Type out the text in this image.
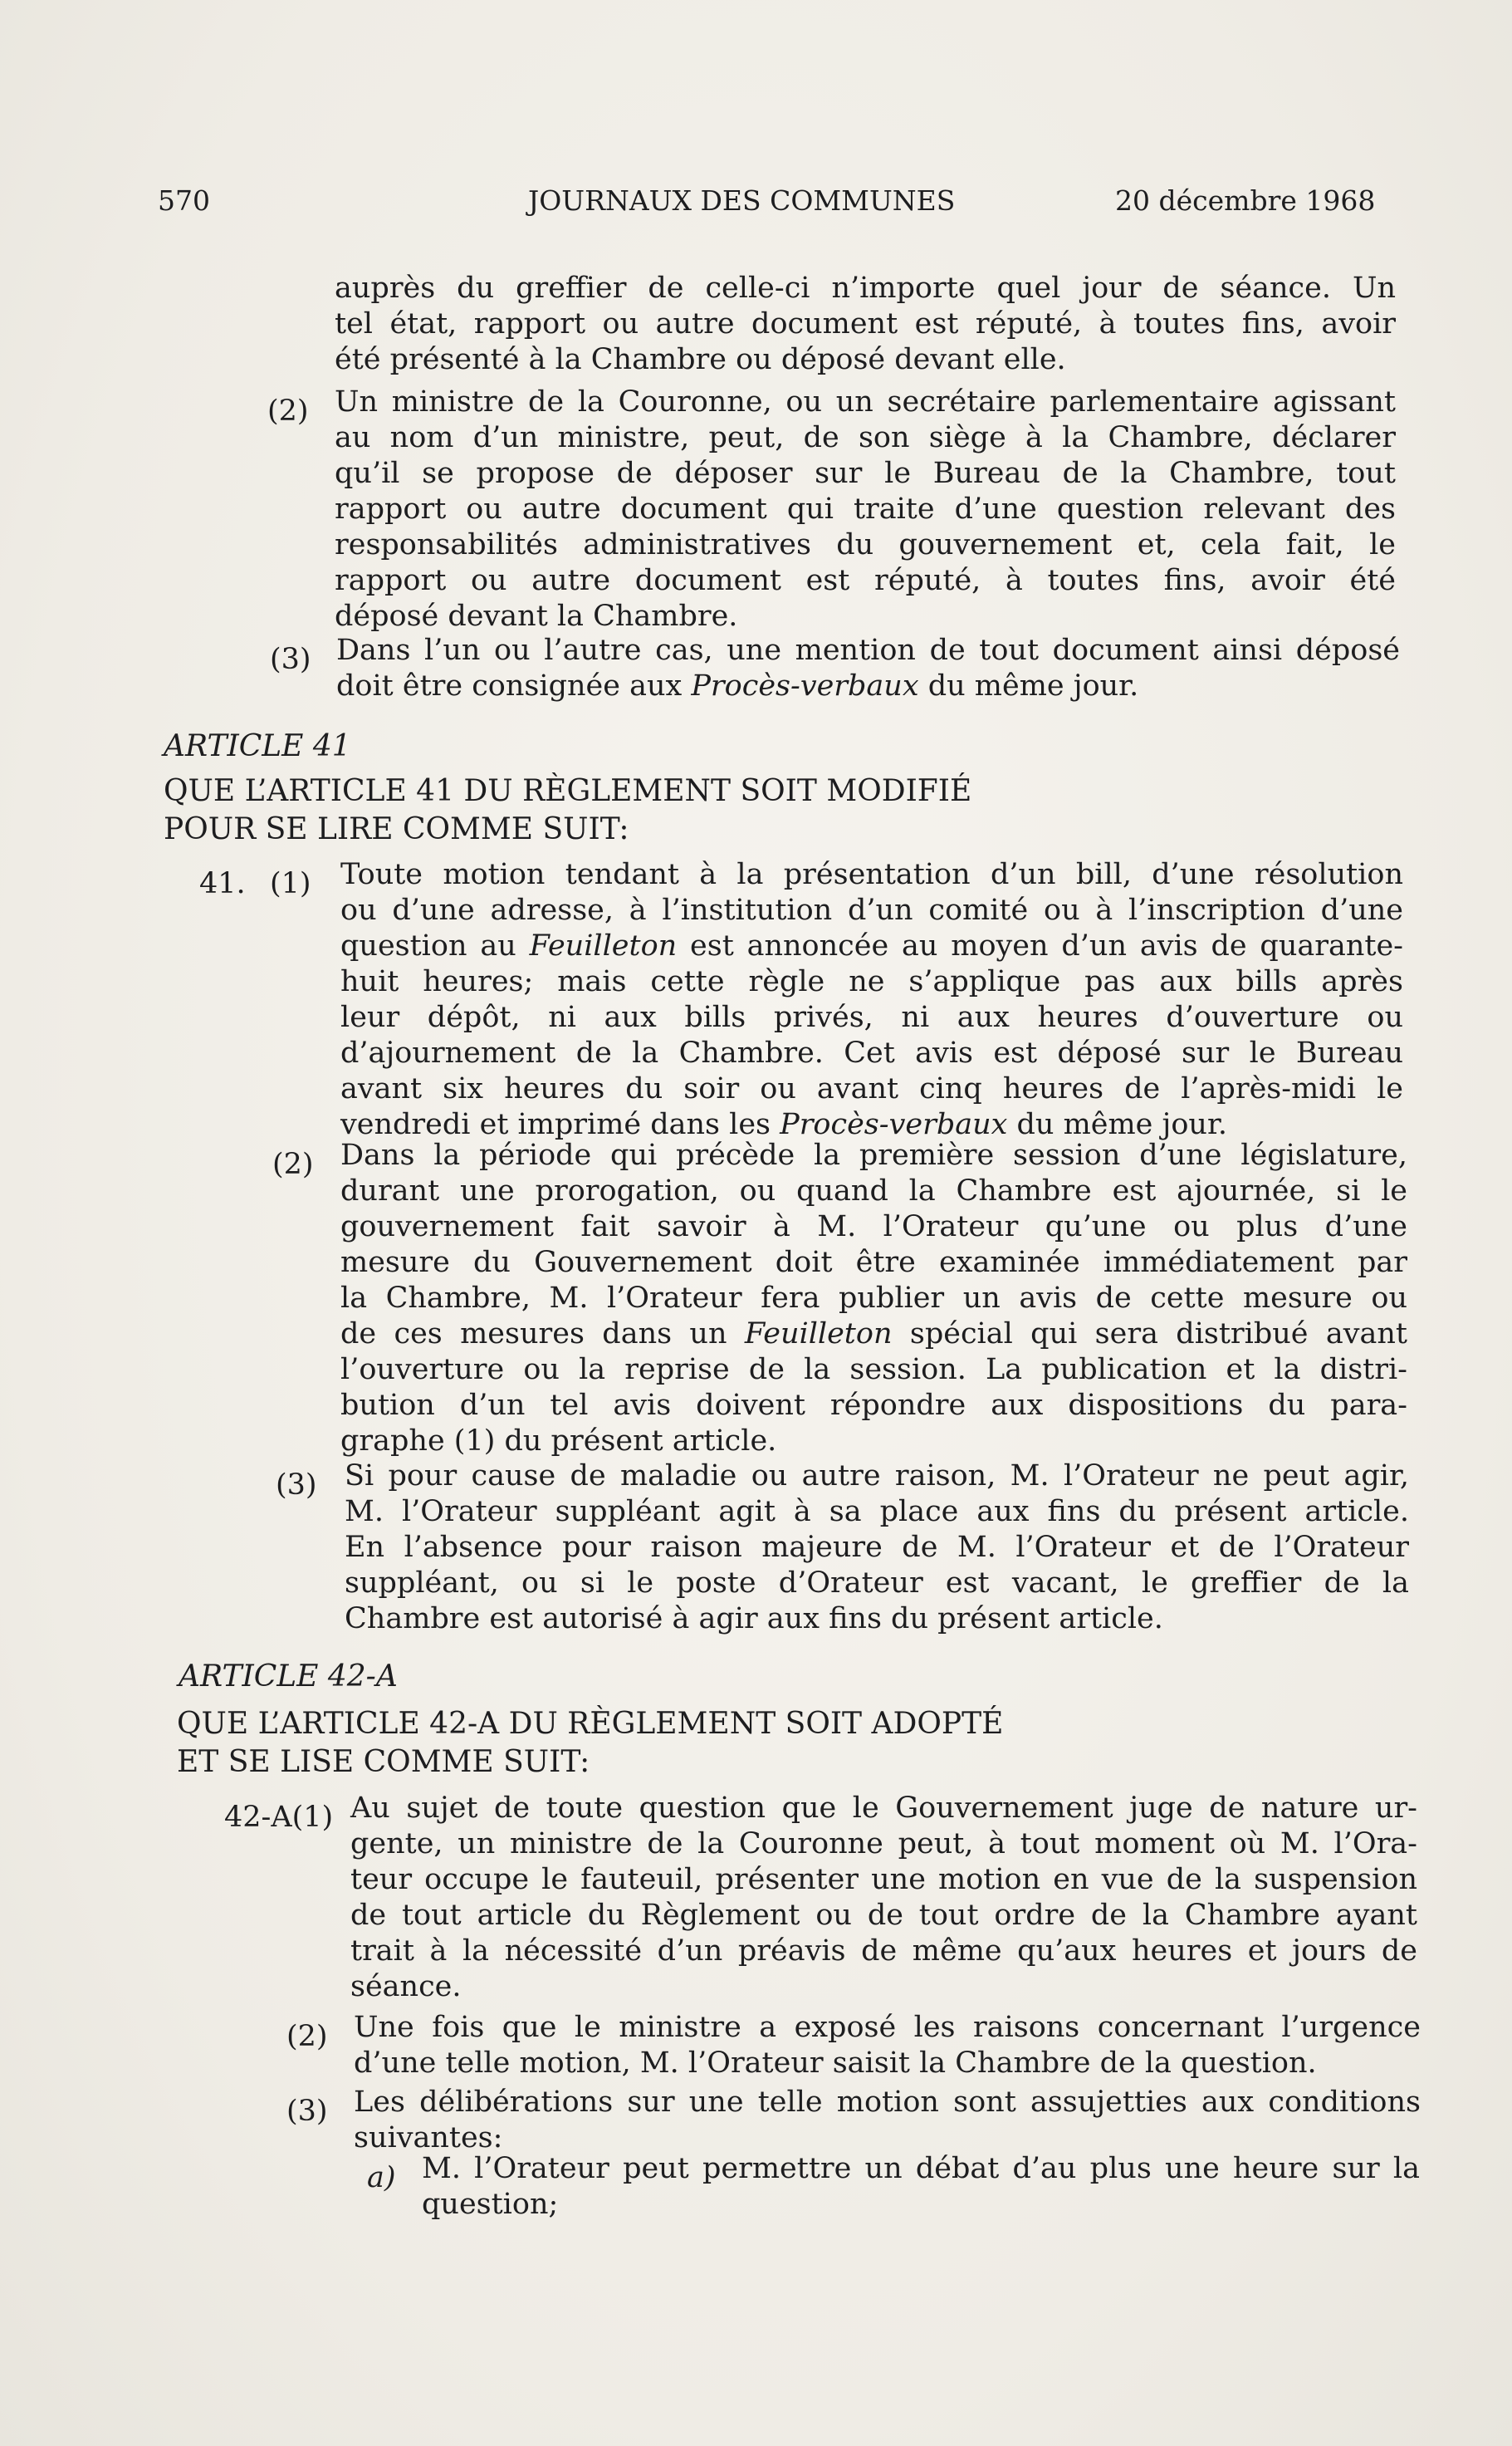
570	JOURNAUX DES COMMUNES	20 décembre 1968
auprès du greffier de celle-ci n’importe quel jour de séance. Un
tel état, rapport ou autre document est réputé, à toutes fins, avoir
été présenté à la Chambre ou déposé devant elle.
(2) Un ministre de la Couronne, ou un secrétaire parlementaire agissant
au nom d’un ministre, peut, de son siège à la Chambre, déclarer
qu’il se propose de déposer sur le Bureau de la Chambre, tout
rapport ou autre document qui traite d’une question relevant des
responsabilités administratives du gouvernement et, cela fait, le
rapport ou autre document est réputé, à toutes fins, avoir été
déposé devant la Chambre.
(3) Dans l’un ou l’autre cas, une mention de tout document ainsi déposé
doit être consignée aux Procès-verbaux du même jour.
ARTICLE 41
QUE L’ARTICLE 41 DU RÈGLEMENT SOIT MODIFIÉ
POUR SE LIRE COMME SUIT:
41. (1) Toute motion tendant à la présentation d’un bill, d’une résolution
ou d’une adresse, à l’institution d’un comité ou à l’inscription d’une
question au Feuilleton est annoncée au moyen d’un avis de quarante-
huit heures; mais cette règle ne s’applique pas aux bills après
leur dépôt, ni aux bills privés, ni aux heures d’ouverture ou
d’ajournement de la Chambre. Cet avis est déposé sur le Bureau
avant six heures du soir ou avant cinq heures de l’après-midi le
vendredi et imprimé dans les Procès-verbaux du même jour.
(2) Dans la période qui précède la première session d’une législature,
durant une prorogation, ou quand la Chambre est ajournée, si le
gouvernement fait savoir à M. l’Orateur qu’une ou plus d’une
mesure du Gouvernement doit être examinée immédiatement par
la Chambre, M. l’Orateur fera publier un avis de cette mesure ou
de ces mesures dans un Feuilleton spécial qui sera distribué avant
l’ouverture ou la reprise de la session. La publication et la distri-
bution d’un tel avis doivent répondre aux dispositions du para-
graphe (1) du présent article.
(3) Si pour cause de maladie ou autre raison, M. l’Orateur ne peut agir,
M. l’Orateur suppléant agit à sa place aux fins du présent article.
En l’absence pour raison majeure de M. l’Orateur et de l’Orateur
suppléant, ou si le poste d’Orateur est vacant, le greffier de la
Chambre est autorisé à agir aux fins du présent article.
ARTICLE 42-A
QUE L’ARTICLE 42-A DU RÈGLEMENT SOIT ADOPTÉ
ET SE LISE COMME SUIT:
42-A(1) Au sujet de toute question que le Gouvernement juge de nature ur-
gente, un ministre de la Couronne peut, à tout moment où M. l’Ora-
teur occupe le fauteuil, présenter une motion en vue de la suspension
de tout article du Règlement ou de tout ordre de la Chambre ayant
trait à la nécessité d’un préavis de même qu’aux heures et jours de
séance.
(2) Une fois que le ministre a exposé les raisons concernant l’urgence
d’une telle motion, M. l’Orateur saisit la Chambre de la question.
(3) Les délibérations sur une telle motion sont assujetties aux conditions
suivantes:
a) M. l’Orateur peut permettre un débat d’au plus une heure sur la
question;
